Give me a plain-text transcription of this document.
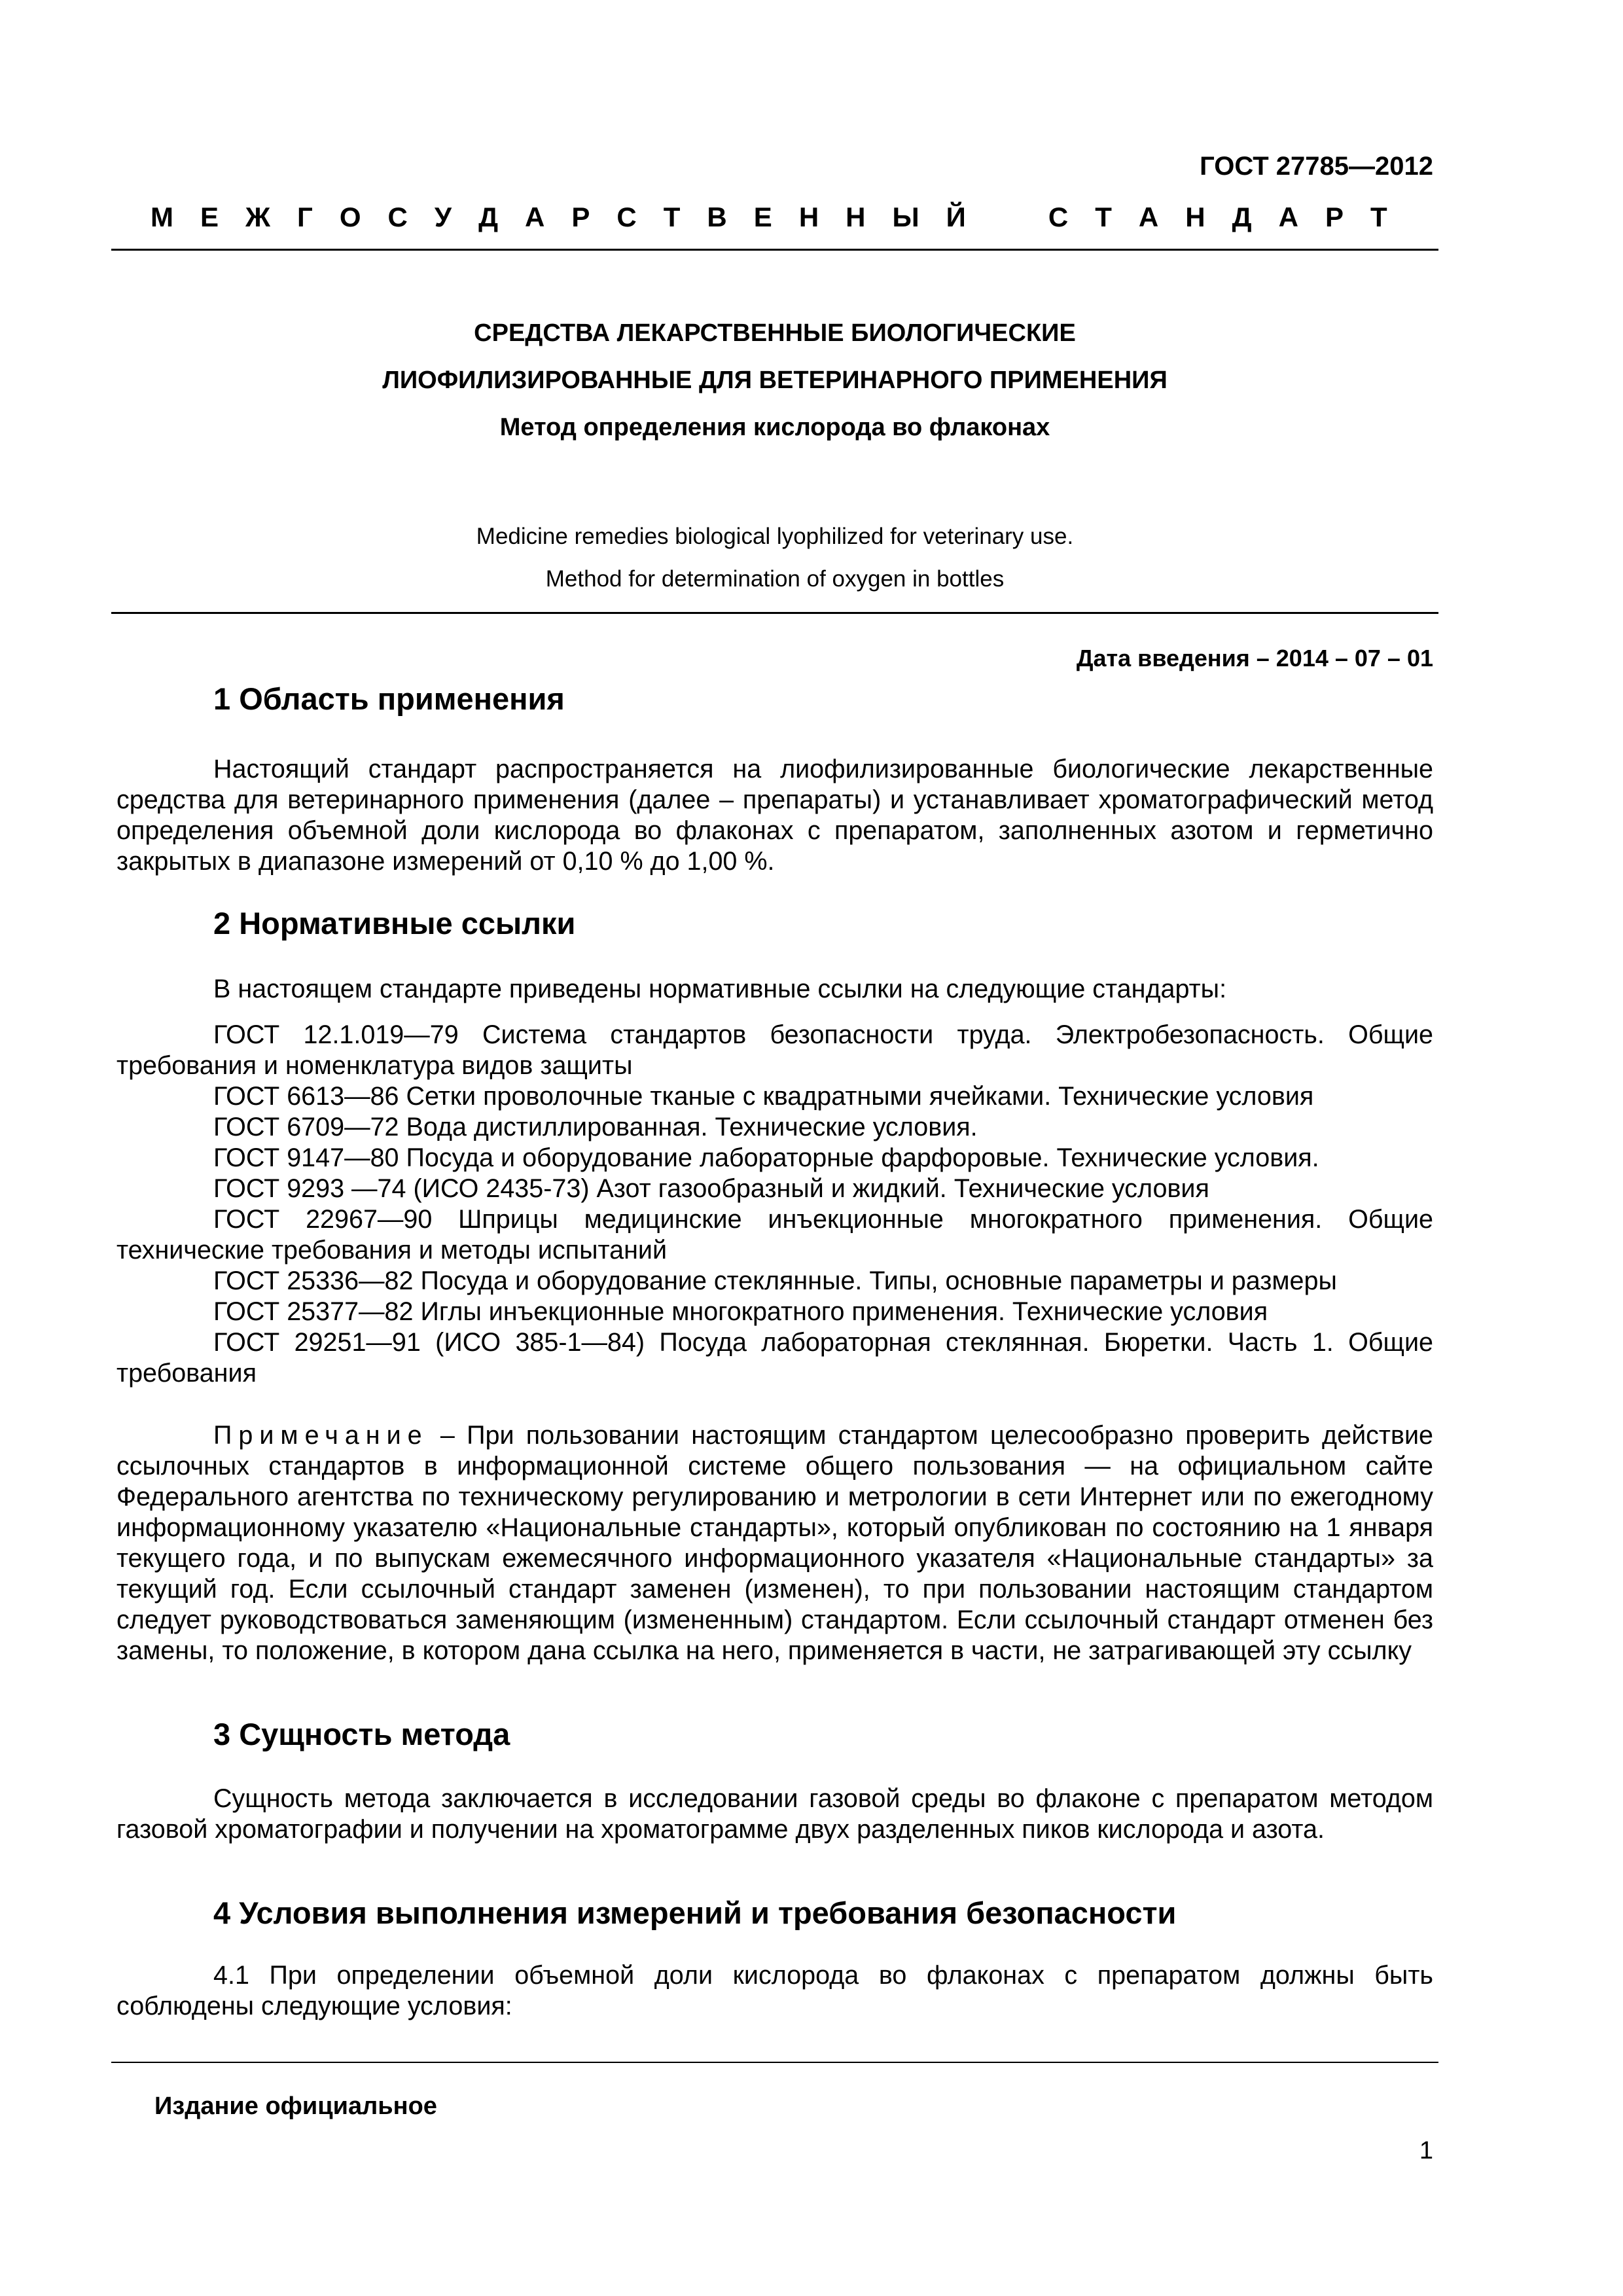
ГОСТ 27785—2012
М Е Ж Г О С У Д А Р С Т В Е Н Н Ы Й	С Т А Н Д А Р Т
СРЕДСТВА ЛЕКАРСТВЕННЫЕ БИОЛОГИЧЕСКИЕ
ЛИОФИЛИЗИРОВАННЫЕ ДЛЯ ВЕТЕРИНАРНОГО ПРИМЕНЕНИЯ
Метод определения кислорода во флаконах
Medicine remedies biological lyophilized for veterinary use.
Method for determination of oxygen in bottles
Дата введения – 2014 – 07 – 01
1 Область применения
Настоящий стандарт распространяется на лиофилизированные биологические лекарственные средства для ветеринарного применения (далее – препараты) и устанавливает хроматографический метод определения объемной доли кислорода во флаконах с препаратом, заполненных азотом и герметично закрытых в диапазоне измерений от 0,10 % до 1,00 %.
2 Нормативные ссылки
В настоящем стандарте приведены нормативные ссылки на следующие стандарты:
ГОСТ 12.1.019—79 Система стандартов безопасности труда. Электробезопасность. Общие требования и номенклатура видов защиты
ГОСТ 6613—86 Сетки проволочные тканые с квадратными ячейками. Технические условия
ГОСТ 6709—72 Вода дистиллированная. Технические условия.
ГОСТ 9147—80 Посуда и оборудование лабораторные фарфоровые. Технические условия.
ГОСТ 9293 —74 (ИСО 2435-73) Азот газообразный и жидкий. Технические условия
ГОСТ 22967—90 Шприцы медицинские инъекционные многократного применения. Общие технические требования и методы испытаний
ГОСТ 25336—82 Посуда и оборудование стеклянные. Типы, основные параметры и размеры
ГОСТ 25377—82 Иглы инъекционные многократного применения. Технические условия
ГОСТ 29251—91 (ИСО 385-1—84) Посуда лабораторная стеклянная. Бюретки. Часть 1. Общие требования
Примечание – При пользовании настоящим стандартом целесообразно проверить действие ссылочных стандартов в информационной системе общего пользования — на официальном сайте Федерального агентства по техническому регулированию и метрологии в сети Интернет или по ежегодному информационному указателю «Национальные стандарты», который опубликован по состоянию на 1 января текущего года, и по выпускам ежемесячного информационного указателя «Национальные стандарты» за текущий год. Если ссылочный стандарт заменен (изменен), то при пользовании настоящим стандартом следует руководствоваться заменяющим (измененным) стандартом. Если ссылочный стандарт отменен без замены, то положение, в котором дана ссылка на него, применяется в части, не затрагивающей эту ссылку
3 Сущность метода
Сущность метода заключается в исследовании газовой среды во флаконе с препаратом методом газовой хроматографии и получении на хроматограмме двух разделенных пиков кислорода и азота.
4 Условия выполнения измерений и требования безопасности
4.1 При определении объемной доли кислорода во флаконах с препаратом должны быть соблюдены следующие условия:
Издание официальное
1
